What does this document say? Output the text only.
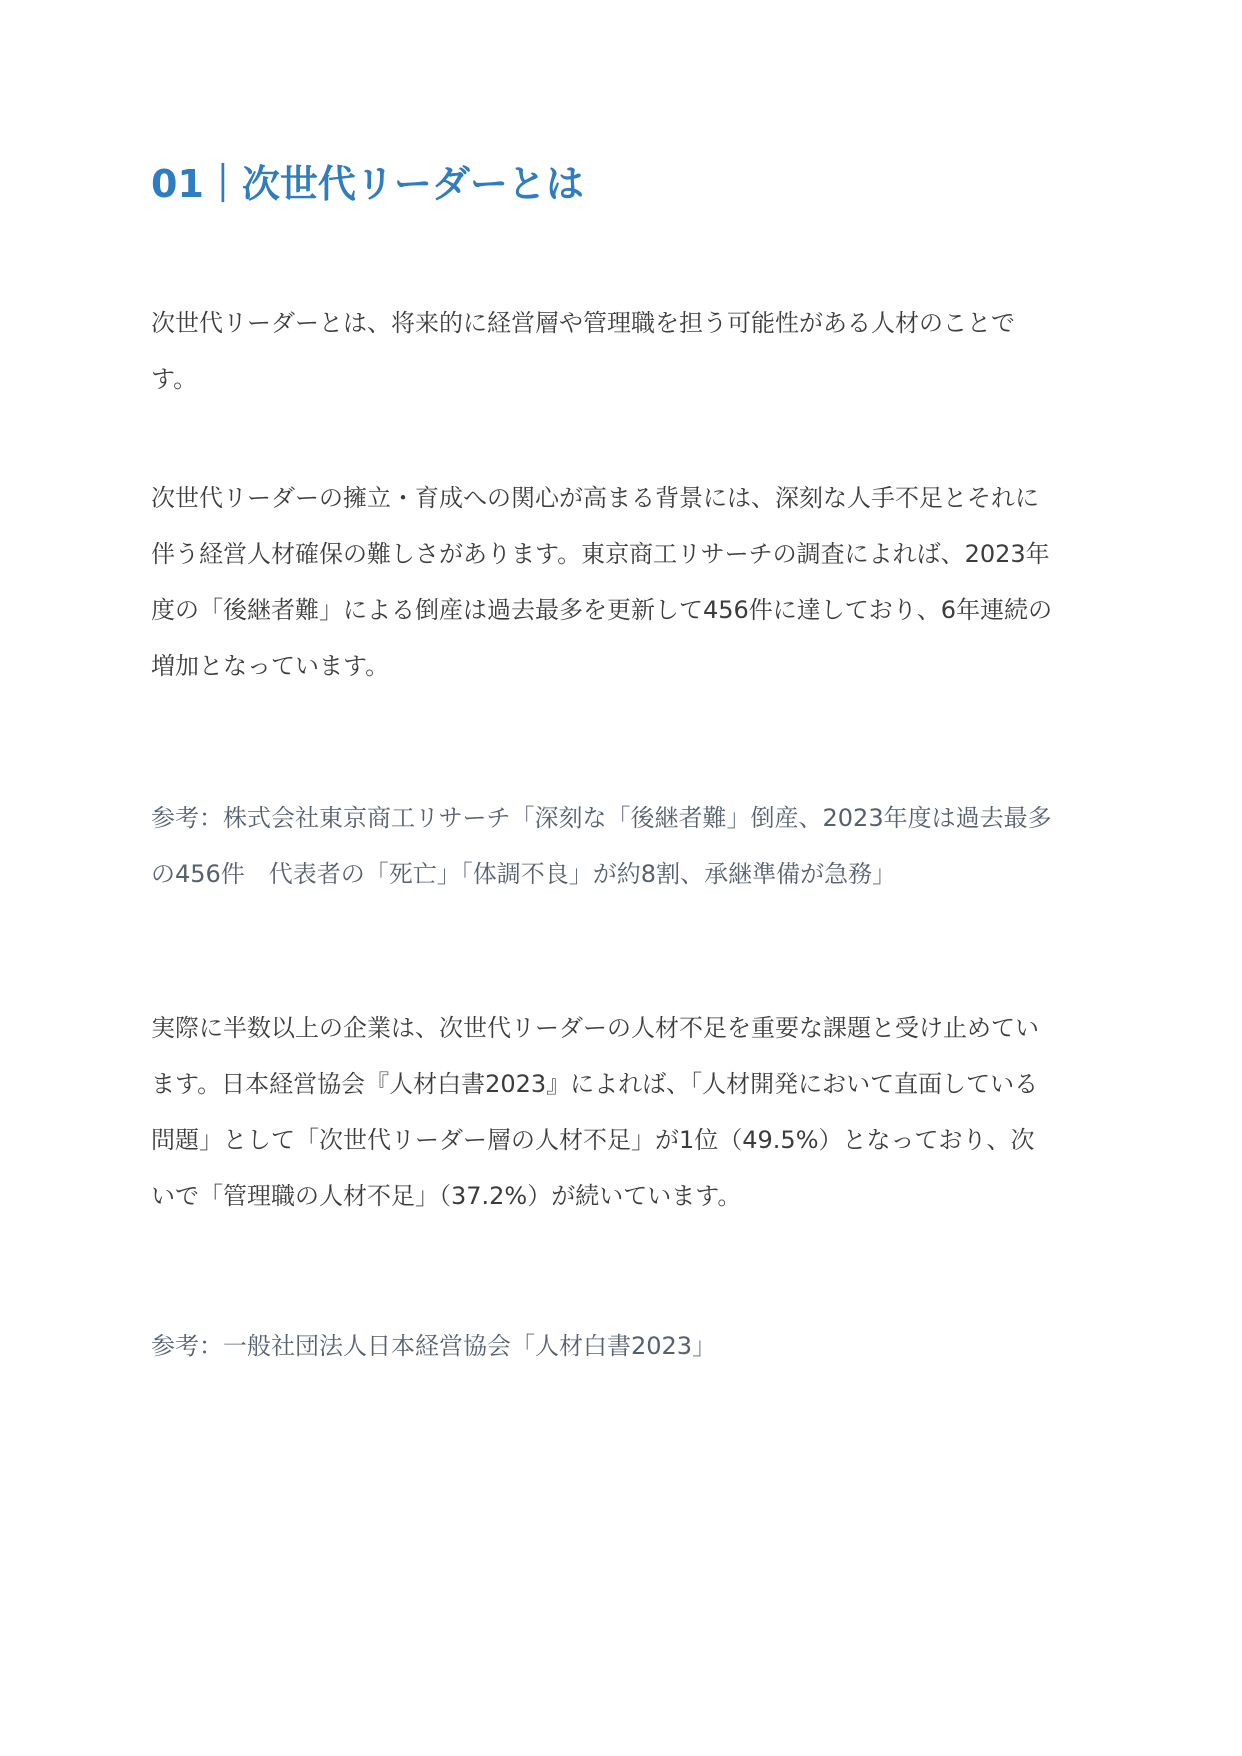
01｜次世代リーダーとは

次世代リーダーとは、将来的に経営層や管理職を担う可能性がある人材のことで
す。

次世代リーダーの擁立・育成への関心が高まる背景には、深刻な人手不足とそれに
伴う経営人材確保の難しさがあります。東京商工リサーチの調査によれば、2023年
度の「後継者難」による倒産は過去最多を更新して456件に達しており、6年連続の
増加となっています。

参考：株式会社東京商工リサーチ「深刻な「後継者難」倒産、2023年度は過去最多
の456件　代表者の「死亡」「体調不良」が約8割、承継準備が急務」

実際に半数以上の企業は、次世代リーダーの人材不足を重要な課題と受け止めてい
ます。日本経営協会『人材白書2023』によれば、「人材開発において直面している
問題」として「次世代リーダー層の人材不足」が1位（49.5%）となっており、次
いで「管理職の人材不足」（37.2%）が続いています。

参考：一般社団法人日本経営協会「人材白書2023」
